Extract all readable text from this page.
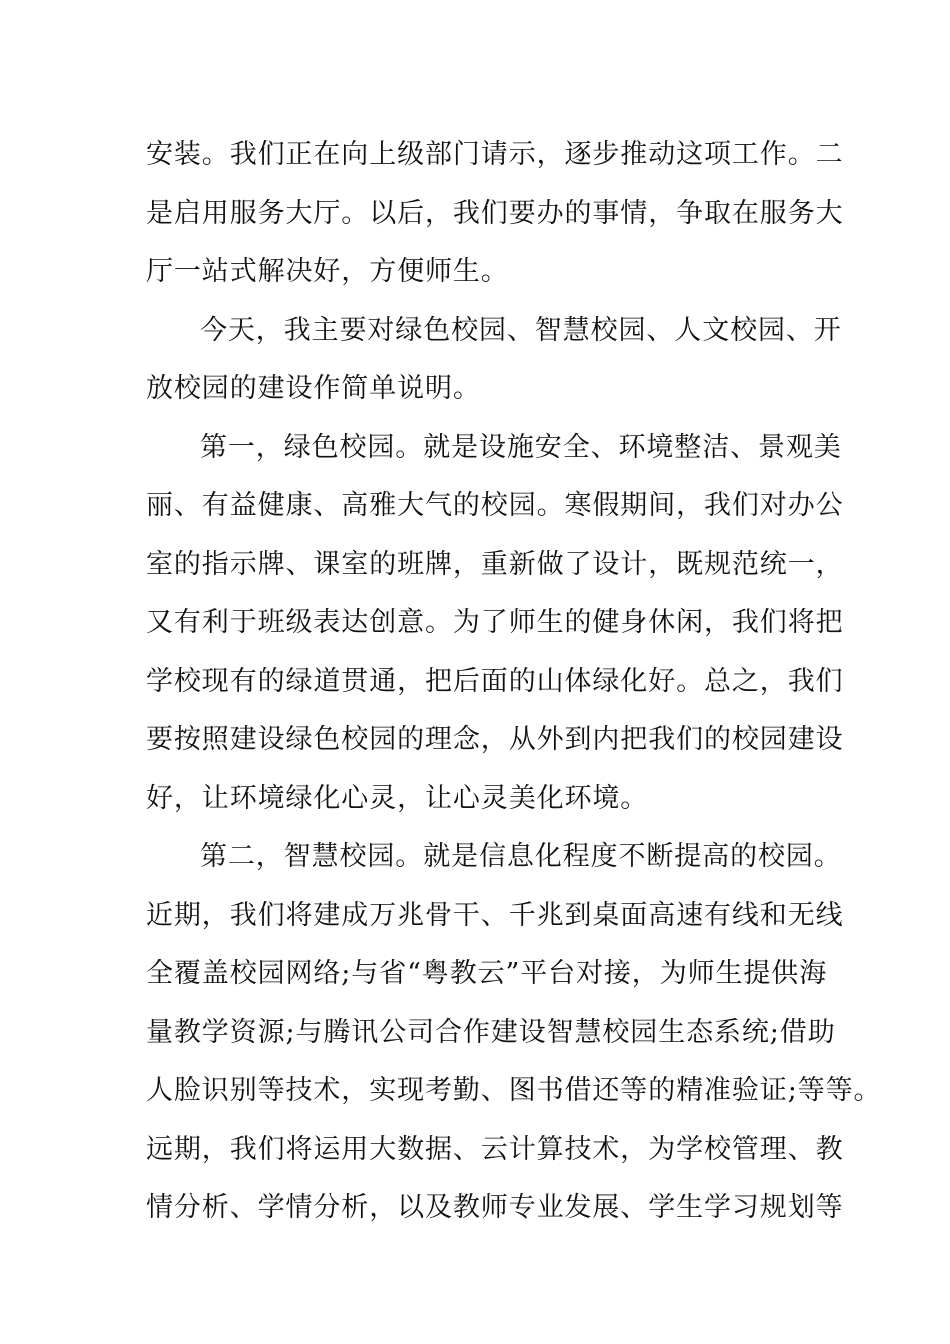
安装。我们正在向上级部门请示，逐步推动这项工作。二
是启用服务大厅。以后，我们要办的事情，争取在服务大
厅一站式解决好，方便师生。
今天，我主要对绿色校园、智慧校园、人文校园、开
放校园的建设作简单说明。
第一，绿色校园。就是设施安全、环境整洁、景观美
丽、有益健康、高雅大气的校园。寒假期间，我们对办公
室的指示牌、课室的班牌，重新做了设计，既规范统一，
又有利于班级表达创意。为了师生的健身休闲，我们将把
学校现有的绿道贯通，把后面的山体绿化好。总之，我们
要按照建设绿色校园的理念，从外到内把我们的校园建设
好，让环境绿化心灵，让心灵美化环境。
第二，智慧校园。就是信息化程度不断提高的校园。
近期，我们将建成万兆骨干、千兆到桌面高速有线和无线
全覆盖校园网络;与省“粤教云”平台对接，为师生提供海
量教学资源;与腾讯公司合作建设智慧校园生态系统;借助
人脸识别等技术，实现考勤、图书借还等的精准验证;等等。
远期，我们将运用大数据、云计算技术，为学校管理、教
情分析、学情分析，以及教师专业发展、学生学习规划等
